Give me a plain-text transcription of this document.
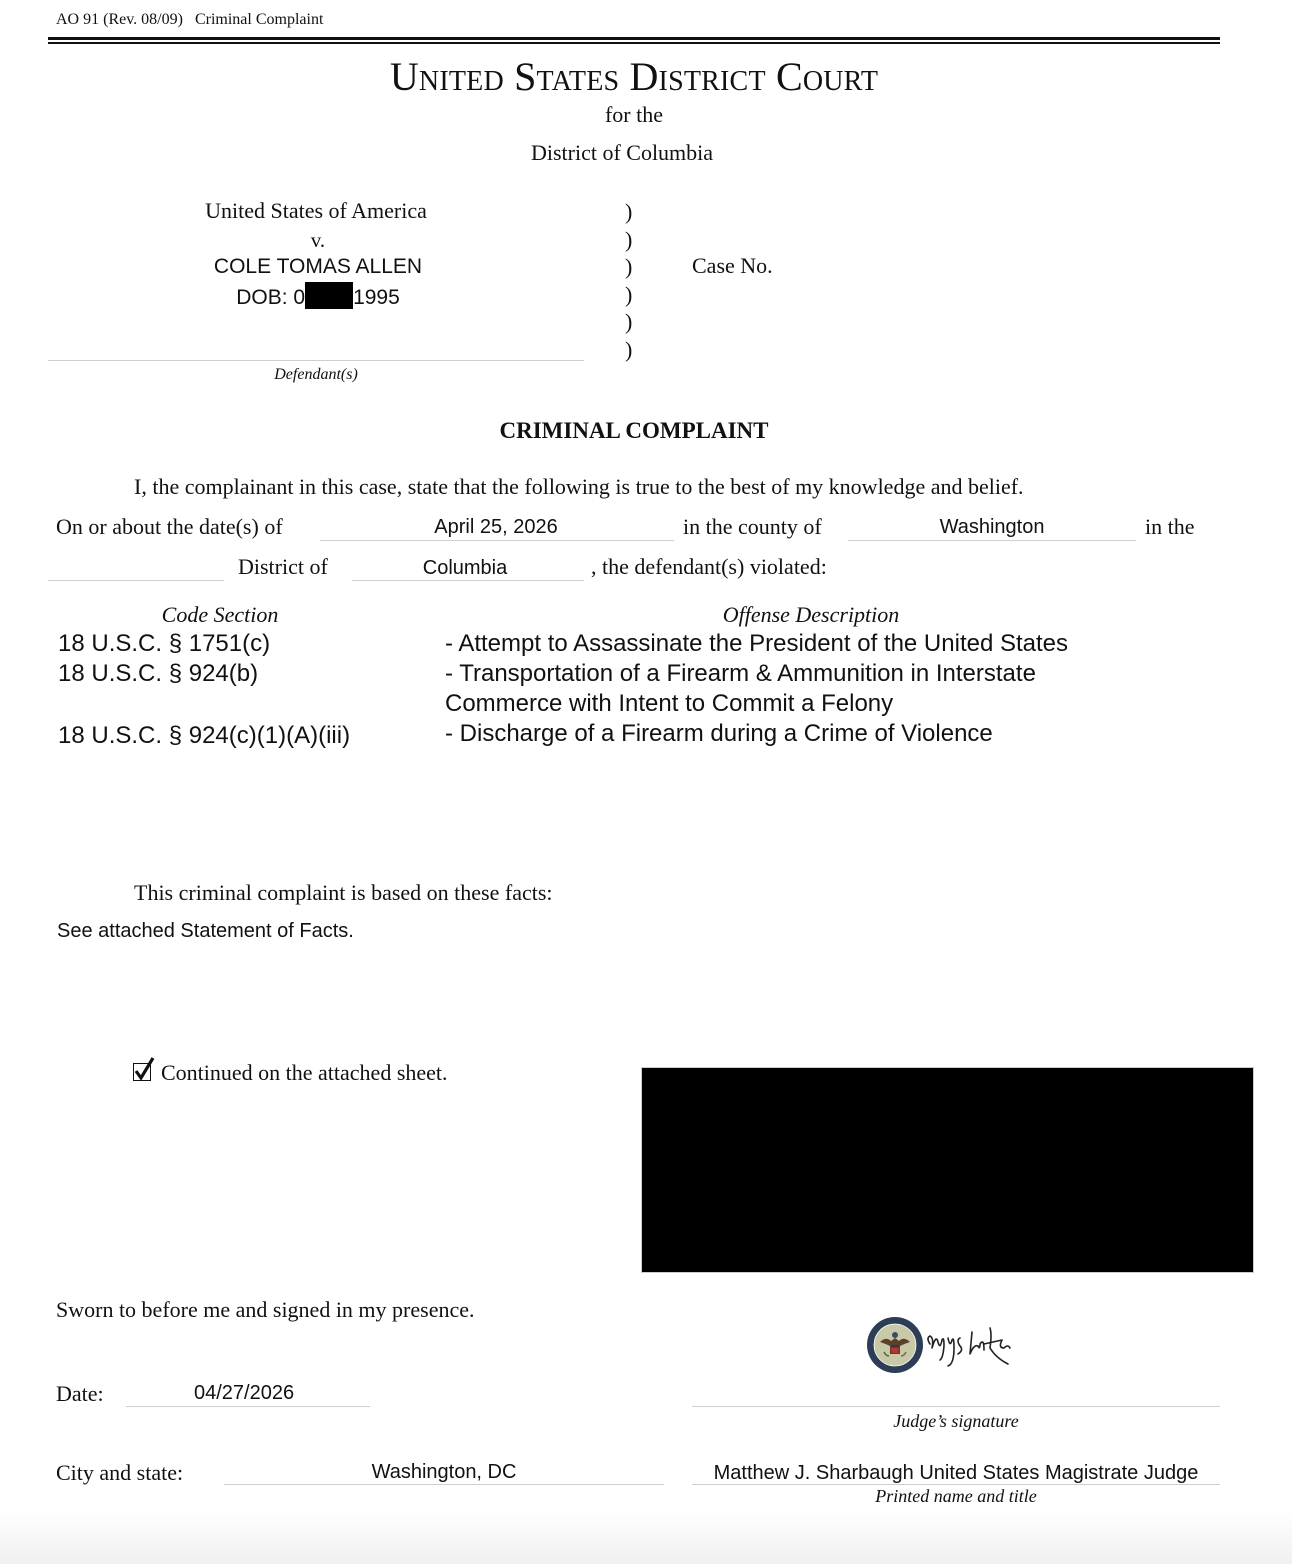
AO 91 (Rev. 08/09)   Criminal Complaint
United States District Court
for the
District of Columbia
United States of America
v.
COLE TOMAS ALLEN
DOB: 0 1995
Defendant(s)
)
)
)
)
)
)
Case No.
CRIMINAL COMPLAINT
I, the complainant in this case, state that the following is true to the best of my knowledge and belief.
On or about the date(s) of	April 25, 2026	in the county of	Washington	in the
District of	Columbia	, the defendant(s) violated:
Code Section	Offense Description
18 U.S.C. § 1751(c)	- Attempt to Assassinate the President of the United States
18 U.S.C. § 924(b)	- Transportation of a Firearm & Ammunition in Interstate
Commerce with Intent to Commit a Felony
18 U.S.C. § 924(c)(1)(A)(iii)	- Discharge of a Firearm during a Crime of Violence
This criminal complaint is based on these facts:
See attached Statement of Facts.
Continued on the attached sheet.
Sworn to before me and signed in my presence.
Judge’s signature
Date:	04/27/2026
City and state:	Washington, DC	Matthew J. Sharbaugh United States Magistrate Judge
Printed name and title
